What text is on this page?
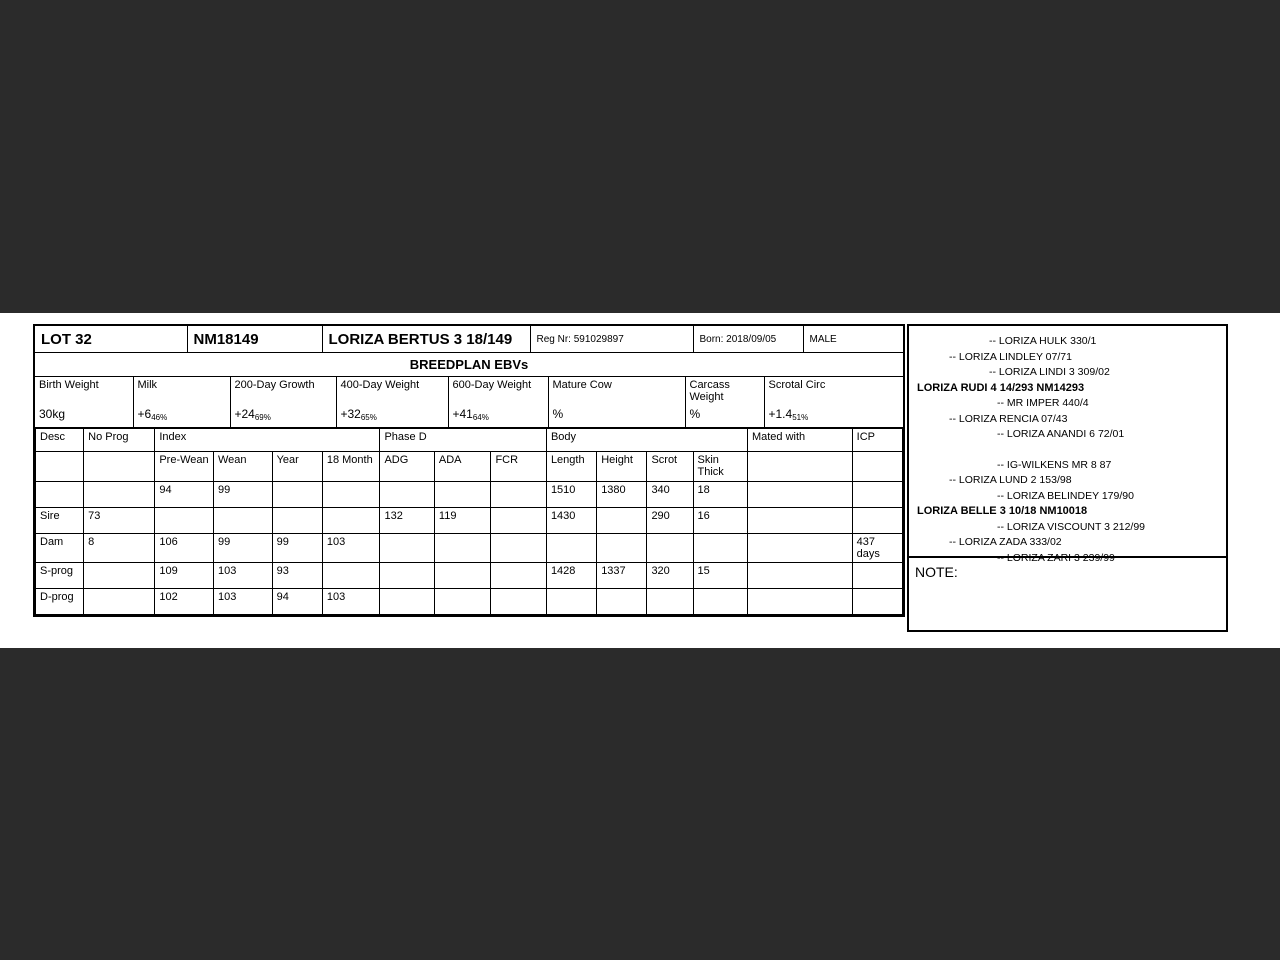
LOT 32	NM18149	LORIZA BERTUS 3 18/149	Reg Nr: 591029897	Born: 2018/09/05	MALE
BREEDPLAN EBVs
Birth Weight	Milk	200-Day Growth	400-Day Weight	600-Day Weight	Mature Cow	Carcass Weight	Scrotal Circ
30kg	$+6_{46\%}$	$+24_{69\%}$	$+32_{65\%}$	$+41_{64\%}$	%	%	$+1.4_{51\%}$
Desc	No Prog	Index				Phase D			Body				Mated with	ICP
		Pre-Wean	Wean	Year	18 Month	ADG	ADA	FCR	Length	Height	Scrot	Skin Thick		
		94	99						1510	1380	340	18		
Sire	73					132	119		1430		290	16		
Dam	8	106	99	99	103									437 days
S-prog		109	103	93					1428	1337	320	15		
D-prog		102	103	94	103									
-- LORIZA HULK 330/1
-- LORIZA LINDLEY 07/71
-- LORIZA LINDI 3 309/02
LORIZA RUDI 4 14/293 NM14293
-- MR IMPER 440/4
-- LORIZA RENCIA 07/43
-- LORIZA ANANDI 6 72/01
-- IG-WILKENS MR 8 87
-- LORIZA LUND 2 153/98
-- LORIZA BELINDEY 179/90
LORIZA BELLE 3 10/18 NM10018
-- LORIZA VISCOUNT 3 212/99
-- LORIZA ZADA 333/02
-- LORIZA ZARI 3 239/99
NOTE:
